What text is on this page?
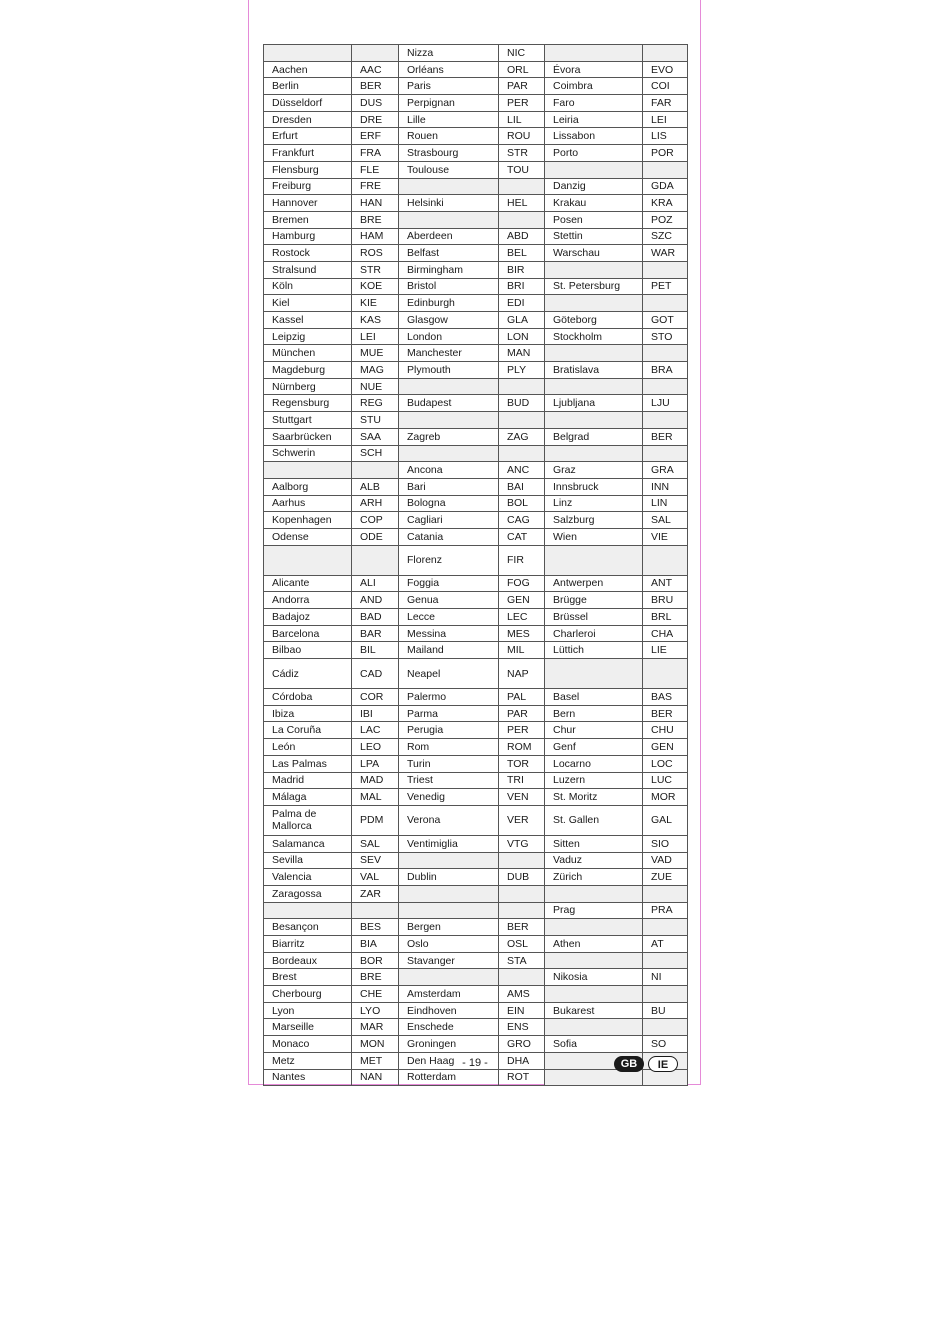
		Nizza	NIC		
Aachen	AAC	Orléans	ORL	Évora	EVO
Berlin	BER	Paris	PAR	Coimbra	COI
Düsseldorf	DUS	Perpignan	PER	Faro	FAR
Dresden	DRE	Lille	LIL	Leiria	LEI
Erfurt	ERF	Rouen	ROU	Lissabon	LIS
Frankfurt	FRA	Strasbourg	STR	Porto	POR
Flensburg	FLE	Toulouse	TOU		
Freiburg	FRE			Danzig	GDA
Hannover	HAN	Helsinki	HEL	Krakau	KRA
Bremen	BRE			Posen	POZ
Hamburg	HAM	Aberdeen	ABD	Stettin	SZC
Rostock	ROS	Belfast	BEL	Warschau	WAR
Stralsund	STR	Birmingham	BIR		
Köln	KOE	Bristol	BRI	St. Petersburg	PET
Kiel	KIE	Edinburgh	EDI		
Kassel	KAS	Glasgow	GLA	Göteborg	GOT
Leipzig	LEI	London	LON	Stockholm	STO
München	MUE	Manchester	MAN		
Magdeburg	MAG	Plymouth	PLY	Bratislava	BRA
Nürnberg	NUE				
Regensburg	REG	Budapest	BUD	Ljubljana	LJU
Stuttgart	STU				
Saarbrücken	SAA	Zagreb	ZAG	Belgrad	BER
Schwerin	SCH				
		Ancona	ANC	Graz	GRA
Aalborg	ALB	Bari	BAI	Innsbruck	INN
Aarhus	ARH	Bologna	BOL	Linz	LIN
Kopenhagen	COP	Cagliari	CAG	Salzburg	SAL
Odense	ODE	Catania	CAT	Wien	VIE
		Florenz	FIR		
Alicante	ALI	Foggia	FOG	Antwerpen	ANT
Andorra	AND	Genua	GEN	Brügge	BRU
Badajoz	BAD	Lecce	LEC	Brüssel	BRL
Barcelona	BAR	Messina	MES	Charleroi	CHA
Bilbao	BIL	Mailand	MIL	Lüttich	LIE
Cádiz	CAD	Neapel	NAP		
Córdoba	COR	Palermo	PAL	Basel	BAS
Ibiza	IBI	Parma	PAR	Bern	BER
La Coruña	LAC	Perugia	PER	Chur	CHU
León	LEO	Rom	ROM	Genf	GEN
Las Palmas	LPA	Turin	TOR	Locarno	LOC
Madrid	MAD	Triest	TRI	Luzern	LUC
Málaga	MAL	Venedig	VEN	St. Moritz	MOR
Palma de Mallorca	PDM	Verona	VER	St. Gallen	GAL
Salamanca	SAL	Ventimiglia	VTG	Sitten	SIO
Sevilla	SEV			Vaduz	VAD
Valencia	VAL	Dublin	DUB	Zürich	ZUE
Zaragossa	ZAR				
				Prag	PRA
Besançon	BES	Bergen	BER		
Biarritz	BIA	Oslo	OSL	Athen	AT
Bordeaux	BOR	Stavanger	STA		
Brest	BRE			Nikosia	NI
Cherbourg	CHE	Amsterdam	AMS		
Lyon	LYO	Eindhoven	EIN	Bukarest	BU
Marseille	MAR	Enschede	ENS		
Monaco	MON	Groningen	GRO	Sofia	SO
Metz	MET	Den Haag	DHA		
Nantes	NAN	Rotterdam	ROT		
- 19 -	GB	IE
